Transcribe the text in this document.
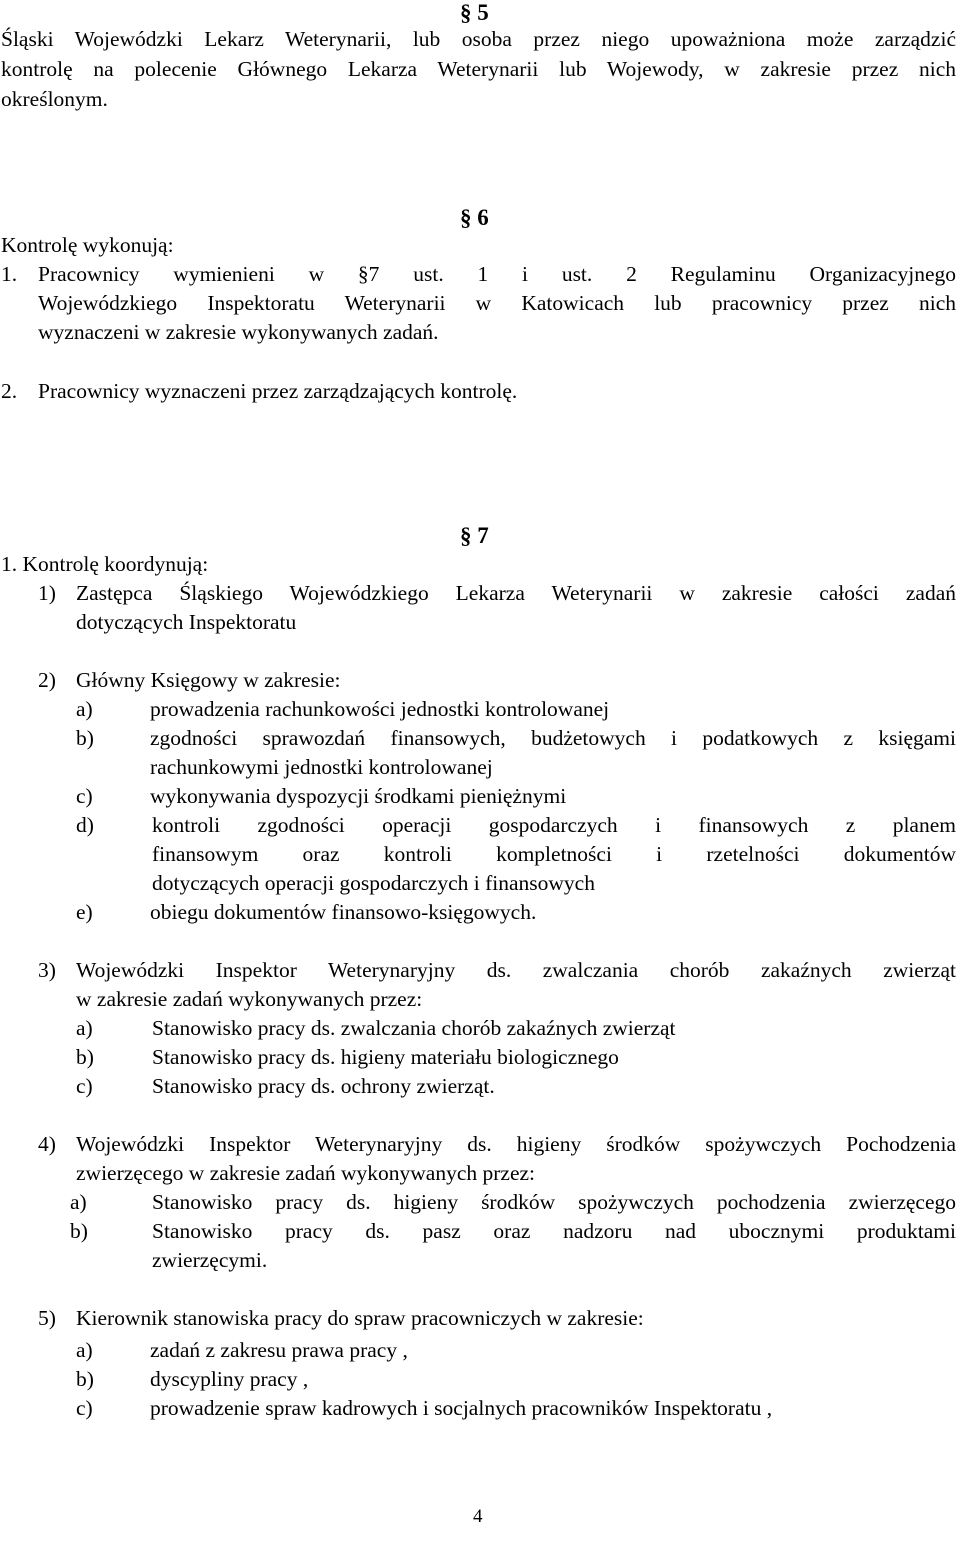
§ 5
Śląski Wojewódzki Lekarz Weterynarii, lub osoba przez niego upoważniona może zarządzić
kontrolę na polecenie Głównego Lekarza Weterynarii lub Wojewody, w zakresie przez nich
określonym.
§ 6
Kontrolę wykonują:
1. Pracownicy wymienieni w §7 ust. 1 i ust. 2 Regulaminu Organizacyjnego
Wojewódzkiego Inspektoratu Weterynarii w Katowicach lub pracownicy przez nich
wyznaczeni w zakresie wykonywanych zadań.
2. Pracownicy wyznaczeni przez zarządzających kontrolę.
§ 7
1. Kontrolę koordynują:
1) Zastępca Śląskiego Wojewódzkiego Lekarza Weterynarii w zakresie całości zadań
dotyczących Inspektoratu
2) Główny Księgowy w zakresie:
a)	prowadzenia rachunkowości jednostki kontrolowanej
b)	zgodności sprawozdań finansowych, budżetowych i podatkowych z księgami
rachunkowymi jednostki kontrolowanej
c)	wykonywania dyspozycji środkami pieniężnymi
d)	kontroli zgodności operacji gospodarczych i finansowych z planem
finansowym oraz kontroli kompletności i rzetelności dokumentów
dotyczących operacji gospodarczych i finansowych
e)	obiegu dokumentów finansowo-księgowych.
3) Wojewódzki Inspektor Weterynaryjny ds. zwalczania chorób zakaźnych zwierząt
w zakresie zadań wykonywanych przez:
a)	Stanowisko pracy ds. zwalczania chorób zakaźnych zwierząt
b)	Stanowisko pracy ds. higieny materiału biologicznego
c)	Stanowisko pracy ds. ochrony zwierząt.
4) Wojewódzki Inspektor Weterynaryjny ds. higieny środków spożywczych Pochodzenia
zwierzęcego w zakresie zadań wykonywanych przez:
a)	Stanowisko pracy ds. higieny środków spożywczych pochodzenia zwierzęcego
b)	Stanowisko pracy ds. pasz oraz nadzoru nad ubocznymi produktami
zwierzęcymi.
5) Kierownik stanowiska pracy do spraw pracowniczych w zakresie:
a)	zadań z zakresu prawa pracy ,
b)	dyscypliny pracy ,
c)	prowadzenie spraw kadrowych i socjalnych pracowników Inspektoratu ,
4
